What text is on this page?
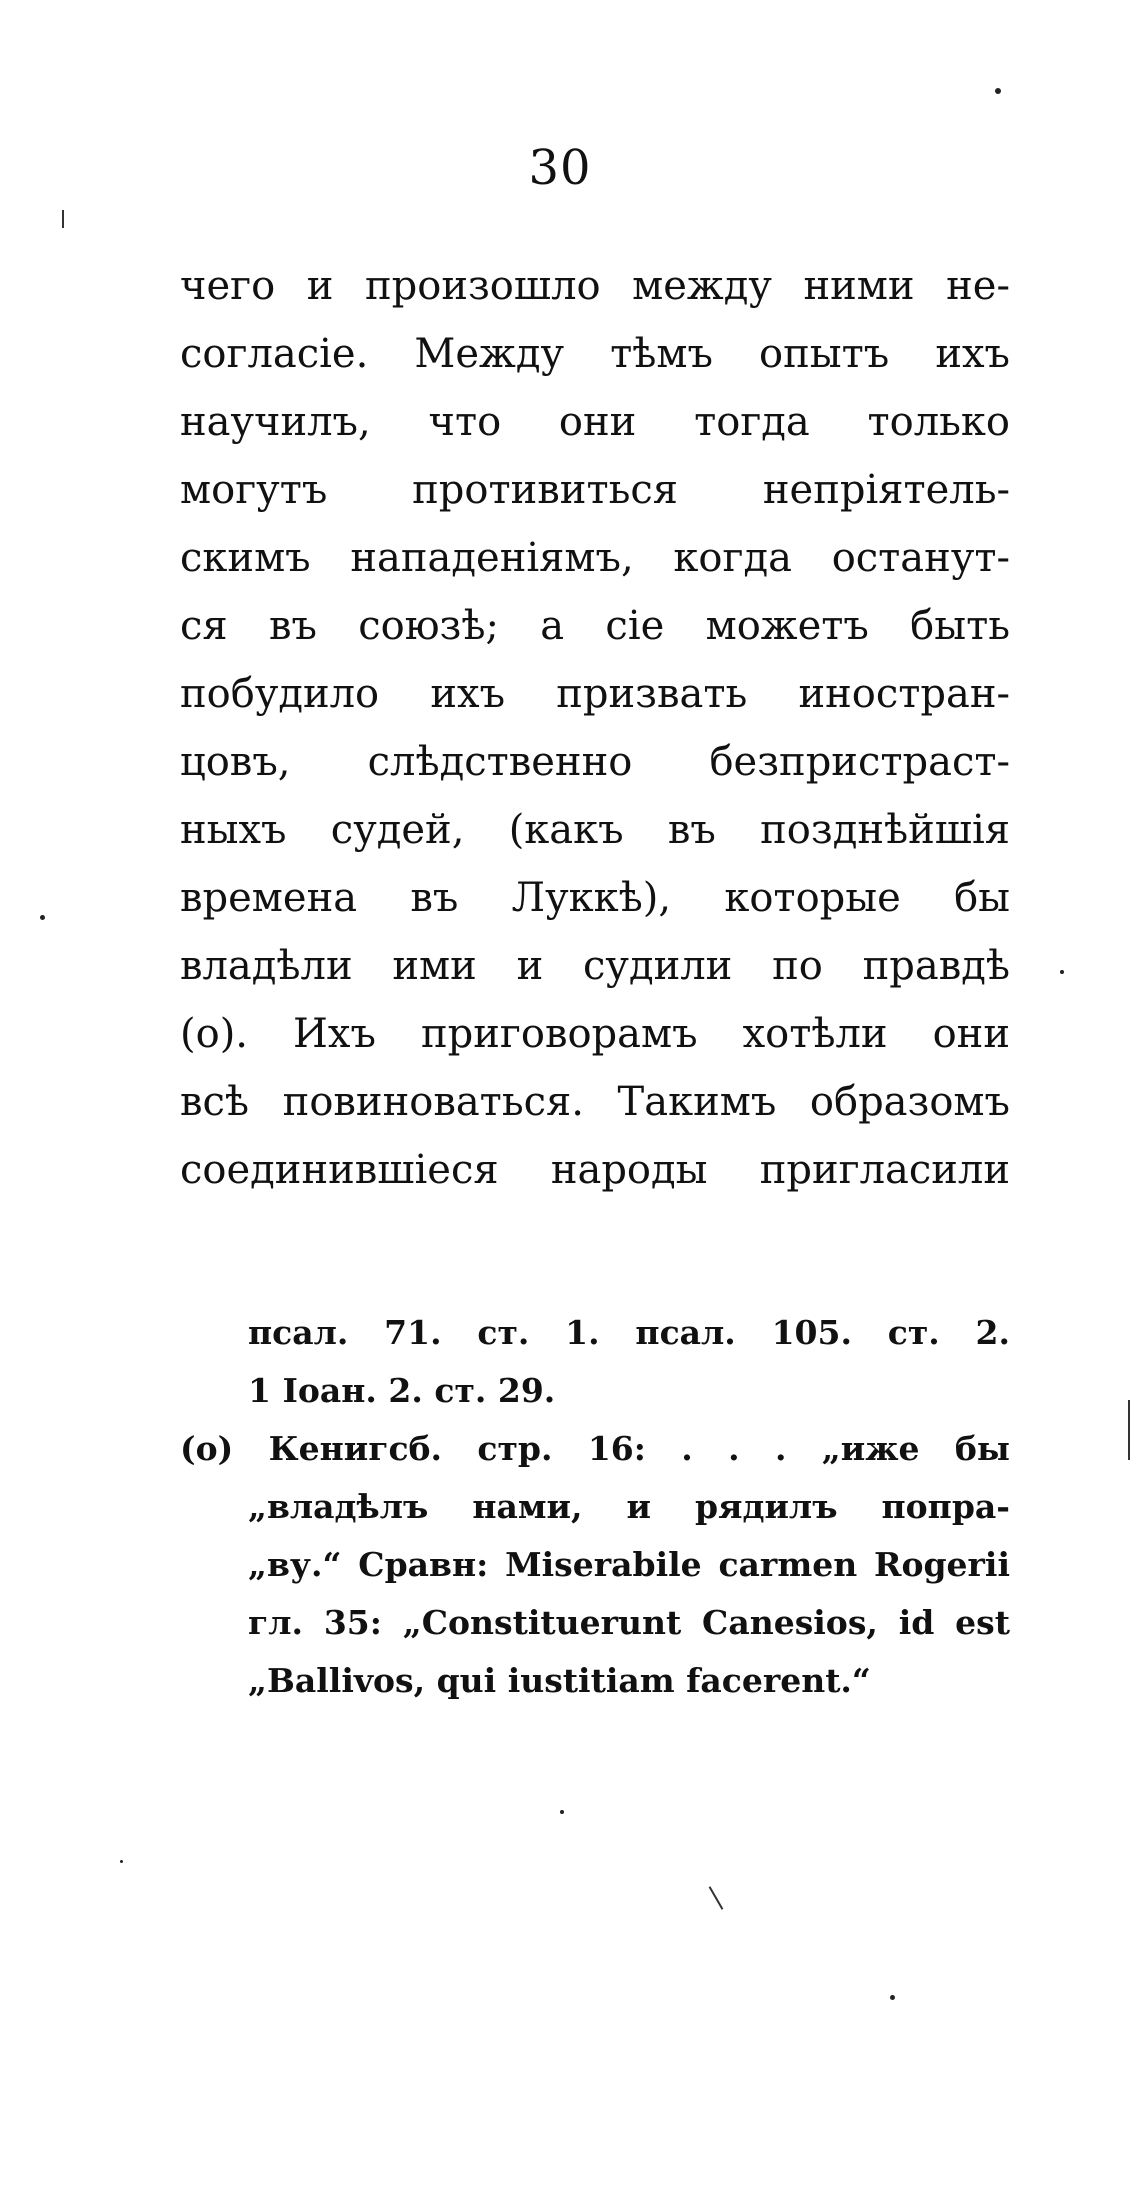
30
чего и произошло между ними не-
согласіе. Между тѣмъ опытъ ихъ
научилъ, что они тогда только
могутъ противиться непріятель-
скимъ нападеніямъ, когда останут-
ся въ союзѣ; а сіе можетъ быть
побудило ихъ призвать иностран-
цовъ, слѣдственно безпристраст-
ныхъ судей, (какъ въ позднѣйшія
времена въ Луккѣ), которые бы
владѣли ими и судили по правдѣ
(о). Ихъ приговорамъ хотѣли они
всѣ повиноваться. Такимъ образомъ
соединившіеся народы пригласили
псал. 71. ст. 1. псал. 105. ст. 2.
1 Іоан. 2. ст. 29.
(о) Кенигсб. стр. 16: . . . „иже бы
„владѣлъ нами, и рядилъ попра-
„ву.“ Сравн: Miserabile carmen Rogerii
гл. 35: „Constituerunt Canesios, id est
„Ballivos, qui iustitiam facerent.“
